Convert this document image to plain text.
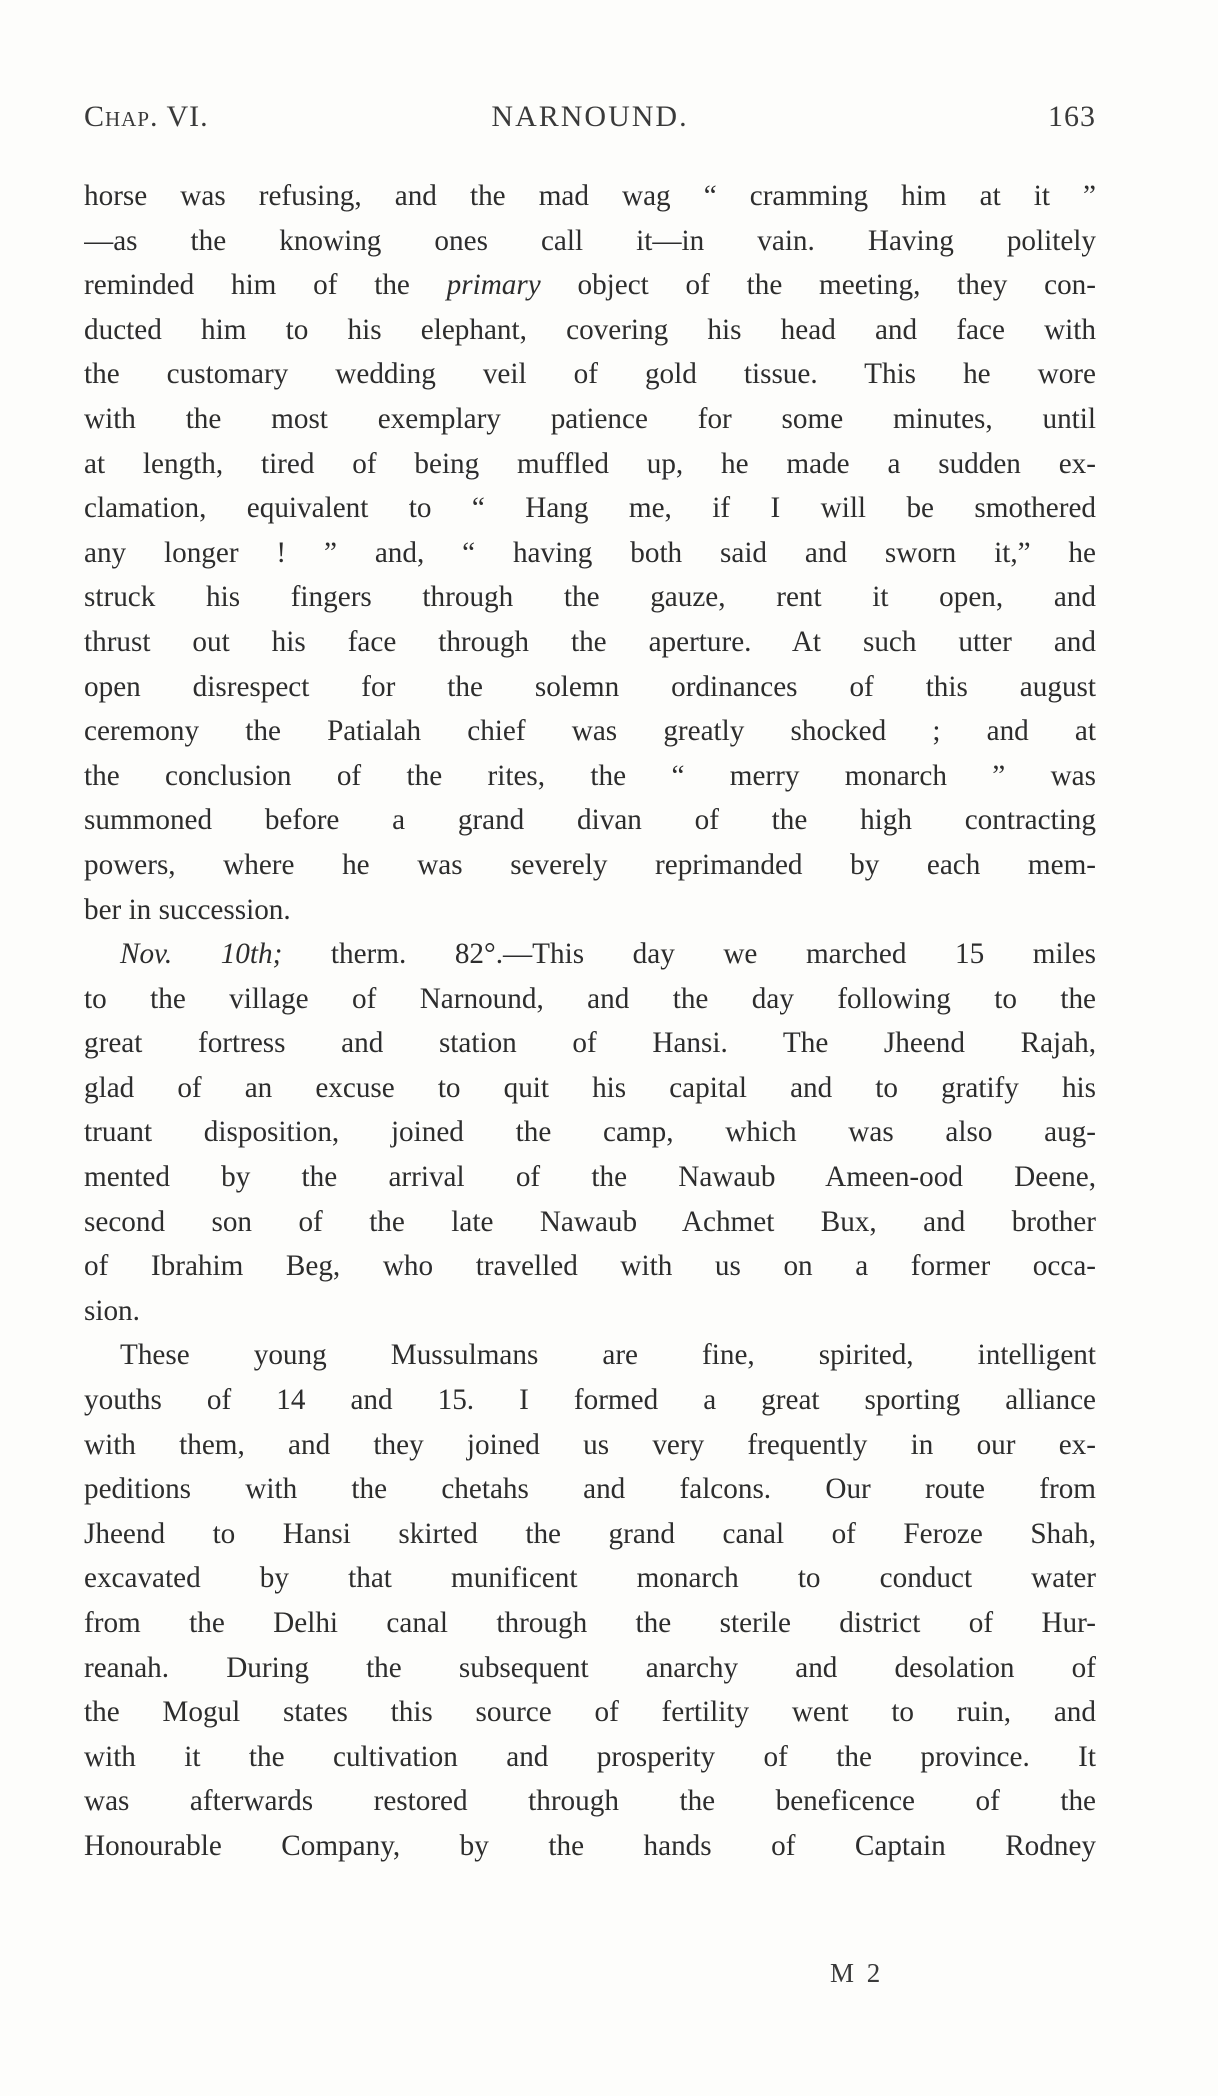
Chap. VI.	NARNOUND.	163
horse was refusing, and the mad wag “ cramming him at it ”
—as the knowing ones call it—in vain. Having politely
reminded him of the primary object of the meeting, they con-
ducted him to his elephant, covering his head and face with
the customary wedding veil of gold tissue. This he wore
with the most exemplary patience for some minutes, until
at length, tired of being muffled up, he made a sudden ex-
clamation, equivalent to “ Hang me, if I will be smothered
any longer ! ” and, “ having both said and sworn it,” he
struck his fingers through the gauze, rent it open, and
thrust out his face through the aperture. At such utter and
open disrespect for the solemn ordinances of this august
ceremony the Patialah chief was greatly shocked ; and at
the conclusion of the rites, the “ merry monarch ” was
summoned before a grand divan of the high contracting
powers, where he was severely reprimanded by each mem-
ber in succession.
Nov. 10th; therm. 82°.—This day we marched 15 miles
to the village of Narnound, and the day following to the
great fortress and station of Hansi. The Jheend Rajah,
glad of an excuse to quit his capital and to gratify his
truant disposition, joined the camp, which was also aug-
mented by the arrival of the Nawaub Ameen-ood Deene,
second son of the late Nawaub Achmet Bux, and brother
of Ibrahim Beg, who travelled with us on a former occa-
sion.
These young Mussulmans are fine, spirited, intelligent
youths of 14 and 15. I formed a great sporting alliance
with them, and they joined us very frequently in our ex-
peditions with the chetahs and falcons. Our route from
Jheend to Hansi skirted the grand canal of Feroze Shah,
excavated by that munificent monarch to conduct water
from the Delhi canal through the sterile district of Hur-
reanah. During the subsequent anarchy and desolation of
the Mogul states this source of fertility went to ruin, and
with it the cultivation and prosperity of the province. It
was afterwards restored through the beneficence of the
Honourable Company, by the hands of Captain Rodney
M 2
